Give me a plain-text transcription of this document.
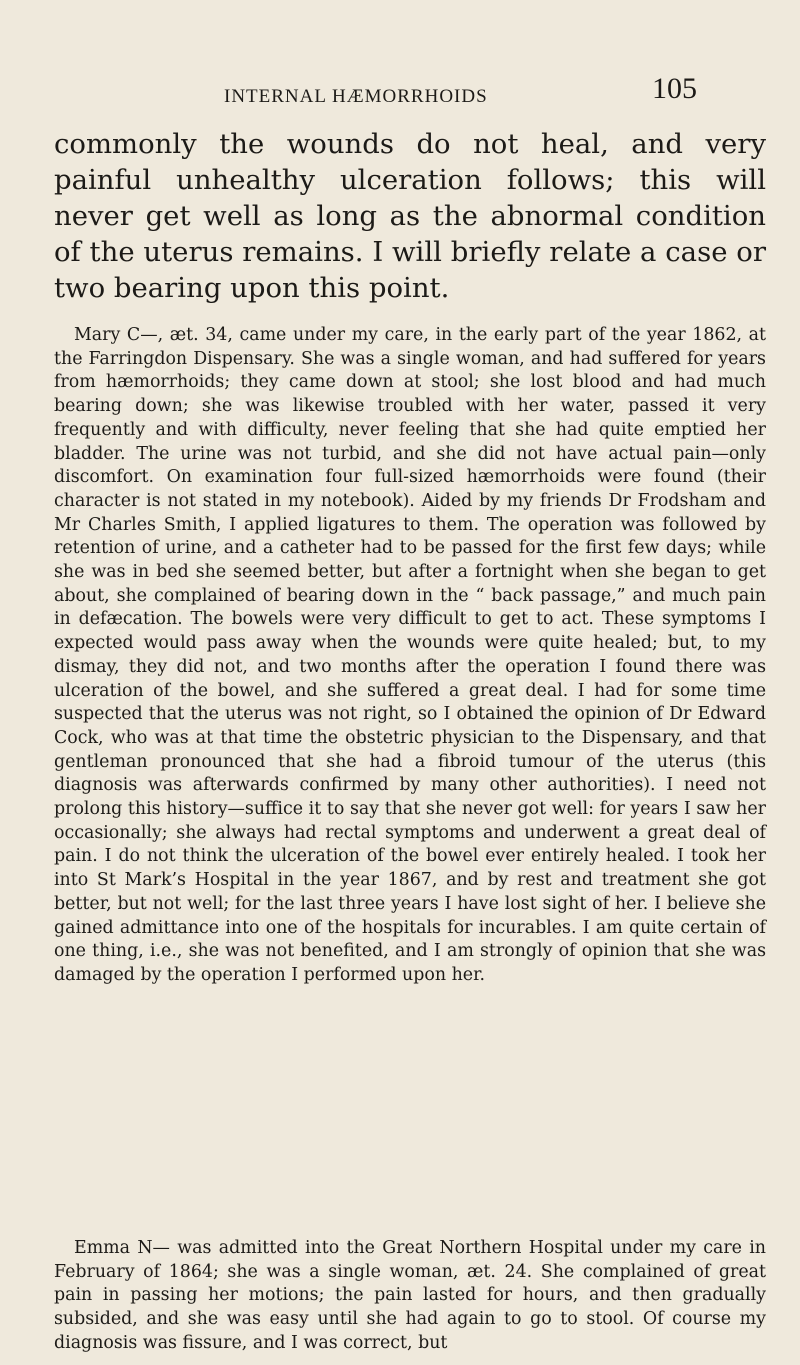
INTERNAL HÆMORRHOIDS	105

commonly the wounds do not heal, and very painful unhealthy ulceration follows; this will never get well as long as the abnormal condition of the uterus remains. I will briefly relate a case or two bearing upon this point.

Mary C—, æt. 34, came under my care, in the early part of the year 1862, at the Farringdon Dispensary. She was a single woman, and had suffered for years from hæmorrhoids; they came down at stool; she lost blood and had much bearing down; she was likewise troubled with her water, passed it very frequently and with difficulty, never feeling that she had quite emptied her bladder. The urine was not turbid, and she did not have actual pain—only discomfort. On examination four full-sized hæmorrhoids were found (their character is not stated in my notebook). Aided by my friends Dr Frodsham and Mr Charles Smith, I applied ligatures to them. The operation was followed by retention of urine, and a catheter had to be passed for the first few days; while she was in bed she seemed better, but after a fortnight when she began to get about, she complained of bearing down in the “ back passage,” and much pain in defæcation. The bowels were very difficult to get to act. These symptoms I expected would pass away when the wounds were quite healed; but, to my dismay, they did not, and two months after the operation I found there was ulceration of the bowel, and she suffered a great deal. I had for some time suspected that the uterus was not right, so I obtained the opinion of Dr Edward Cock, who was at that time the obstetric physician to the Dispensary, and that gentleman pronounced that she had a fibroid tumour of the uterus (this diagnosis was afterwards confirmed by many other authorities). I need not prolong this history—suffice it to say that she never got well: for years I saw her occasionally; she always had rectal symptoms and underwent a great deal of pain. I do not think the ulceration of the bowel ever entirely healed. I took her into St Mark’s Hospital in the year 1867, and by rest and treatment she got better, but not well; for the last three years I have lost sight of her. I believe she gained admittance into one of the hospitals for incurables. I am quite certain of one thing, i.e., she was not benefited, and I am strongly of opinion that she was damaged by the operation I performed upon her.

Emma N— was admitted into the Great Northern Hospital under my care in February of 1864; she was a single woman, æt. 24. She complained of great pain in passing her motions; the pain lasted for hours, and then gradually subsided, and she was easy until she had again to go to stool. Of course my diagnosis was fissure, and I was correct, but
